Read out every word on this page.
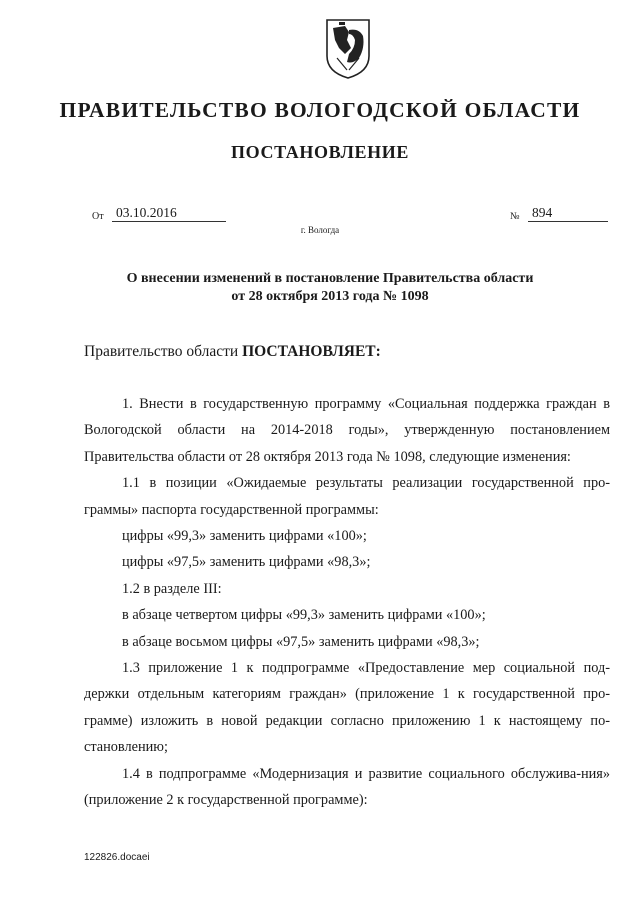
ПРАВИТЕЛЬСТВО ВОЛОГОДСКОЙ ОБЛАСТИ
ПОСТАНОВЛЕНИЕ
От 03.10.2016	№ 894
г. Вологда
О внесении изменений в постановление Правительства области
от 28 октября 2013 года № 1098
Правительство области ПОСТАНОВЛЯЕТ:

1. Внести в государственную программу «Социальная поддержка граждан в Вологодской области на 2014-2018 годы», утвержденную постановлением Правительства области от 28 октября 2013 года № 1098, следующие изменения:

1.1 в позиции «Ожидаемые результаты реализации государственной про-граммы» паспорта государственной программы:

цифры «99,3» заменить цифрами «100»;

цифры «97,5» заменить цифрами «98,3»;

1.2 в разделе III:

в абзаце четвертом цифры «99,3» заменить цифрами «100»;

в абзаце восьмом цифры «97,5» заменить цифрами «98,3»;

1.3 приложение 1 к подпрограмме «Предоставление мер социальной под-держки отдельным категориям граждан» (приложение 1 к государственной про-грамме) изложить в новой редакции согласно приложению 1 к настоящему по-становлению;

1.4 в подпрограмме «Модернизация и развитие социального обслужива-ния» (приложение 2 к государственной программе):

122826.docaei
